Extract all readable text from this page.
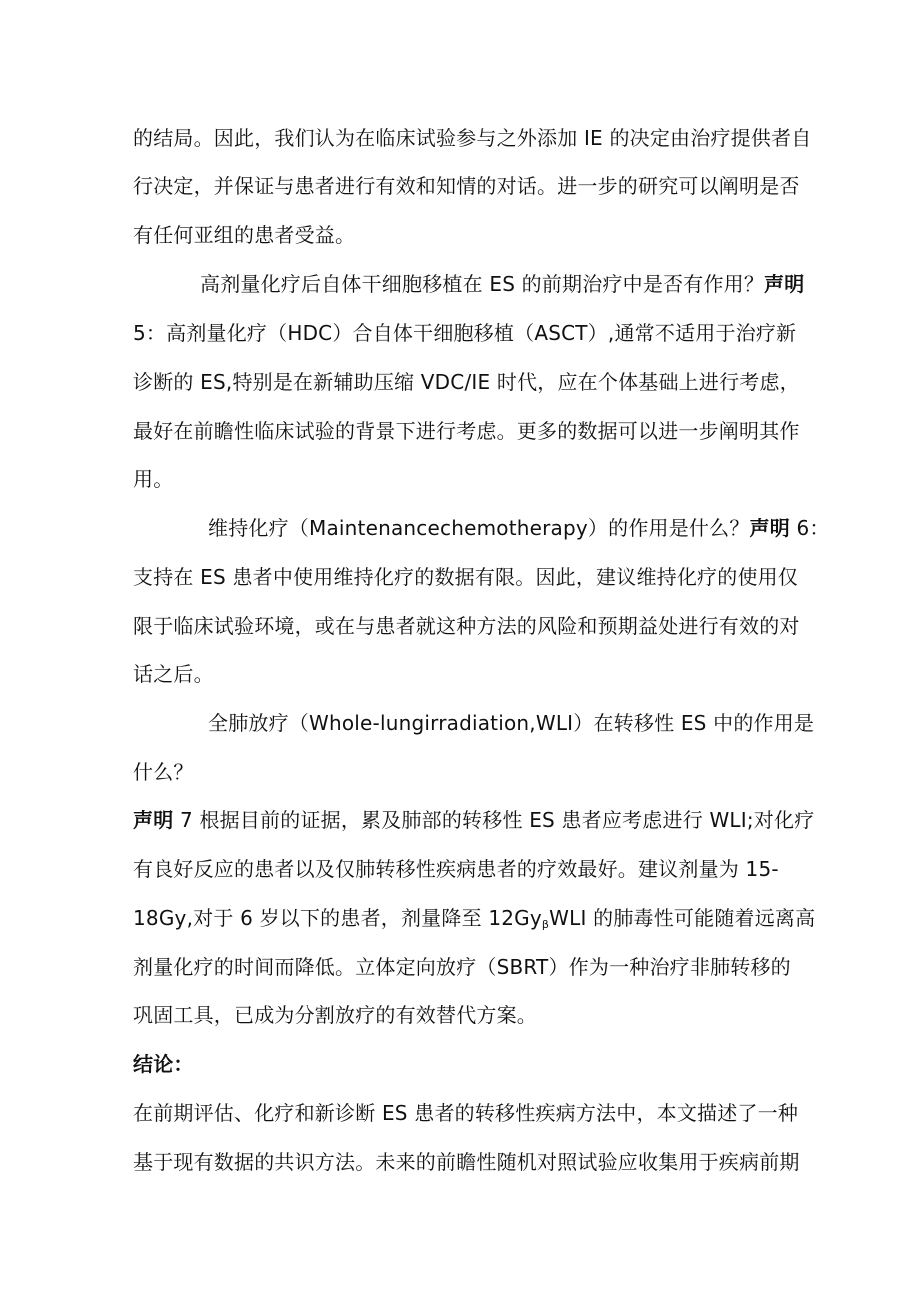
的结局。因此，我们认为在临床试验参与之外添加 IE 的决定由治疗提供者自
行决定，并保证与患者进行有效和知情的对话。进一步的研究可以阐明是否
有任何亚组的患者受益。
高剂量化疗后自体干细胞移植在 ES 的前期治疗中是否有作用？声明
5：高剂量化疗（HDC）合自体干细胞移植（ASCT）,通常不适用于治疗新
诊断的 ES,特别是在新辅助压缩 VDC/IE 时代，应在个体基础上进行考虑，
最好在前瞻性临床试验的背景下进行考虑。更多的数据可以进一步阐明其作
用。
维持化疗（Maintenancechemotherapy）的作用是什么？声明 6：
支持在 ES 患者中使用维持化疗的数据有限。因此，建议维持化疗的使用仅
限于临床试验环境，或在与患者就这种方法的风险和预期益处进行有效的对
话之后。
全肺放疗（Whole-lungirradiation,WLI）在转移性 ES 中的作用是
什么？
声明 7 根据目前的证据，累及肺部的转移性 ES 患者应考虑进行 WLI;对化疗
有良好反应的患者以及仅肺转移性疾病患者的疗效最好。建议剂量为 15-
18Gy,对于 6 岁以下的患者，剂量降至 $12Gy_\beta WLI$ 的肺毒性可能随着远离高
剂量化疗的时间而降低。立体定向放疗（SBRT）作为一种治疗非肺转移的
巩固工具，已成为分割放疗的有效替代方案。
结论：
在前期评估、化疗和新诊断 ES 患者的转移性疾病方法中，本文描述了一种
基于现有数据的共识方法。未来的前瞻性随机对照试验应收集用于疾病前期
